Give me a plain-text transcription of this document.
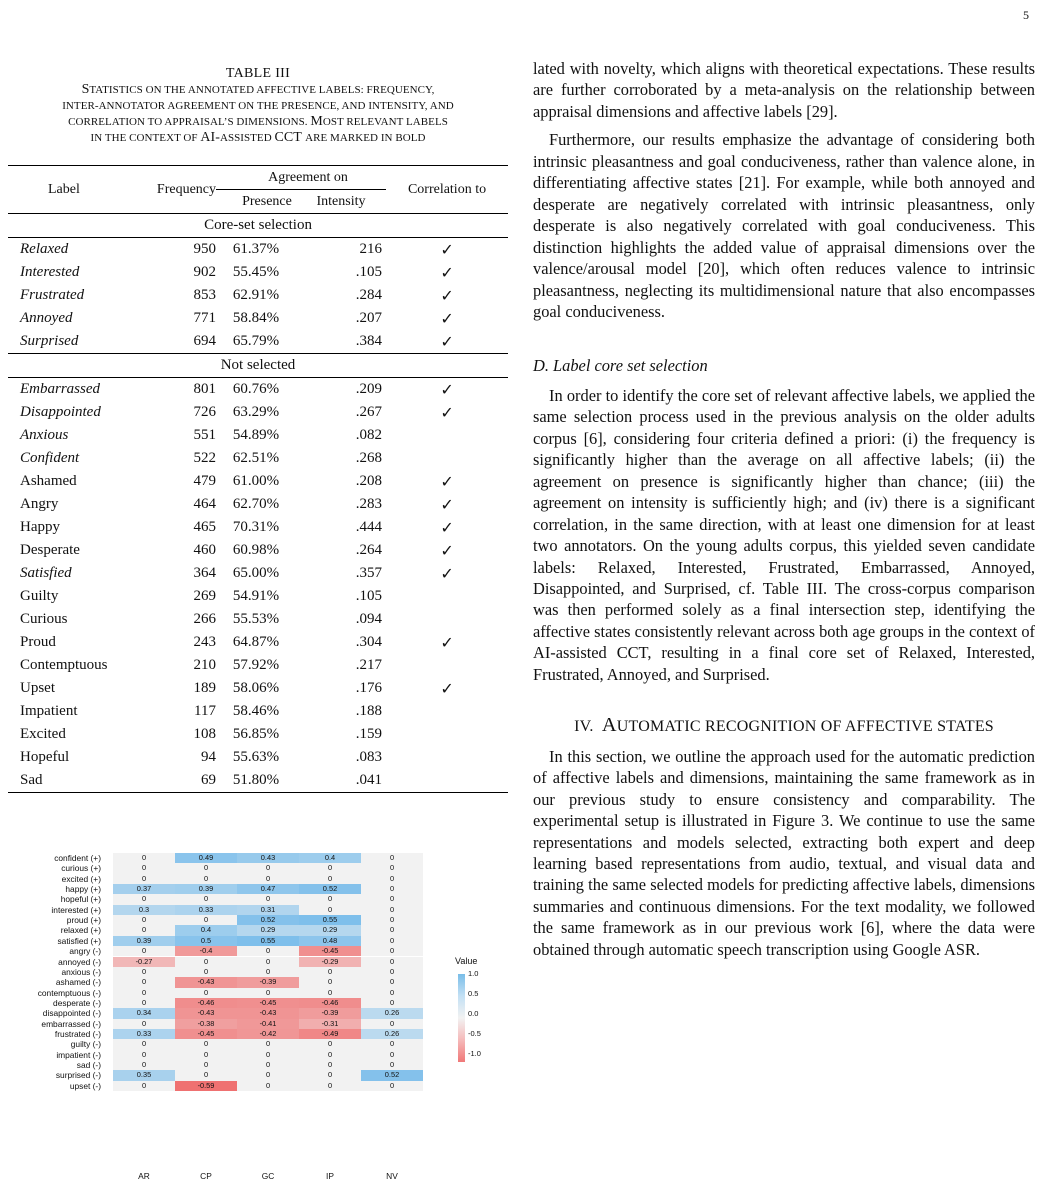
5
TABLE III
STATISTICS ON THE ANNOTATED AFFECTIVE LABELS: FREQUENCY,
INTER-ANNOTATOR AGREEMENT ON THE PRESENCE, AND INTENSITY, AND
CORRELATION TO APPRAISAL’S DIMENSIONS. MOST RELEVANT LABELS
IN THE CONTEXT OF AI-ASSISTED CCT ARE MARKED IN BOLD
Label	Frequency	Agreement on		Correlation to
		Presence	Intensity	
Core-set selection				
Relaxed	950	61.37%	216	✓
Interested	902	55.45%	.105	✓
Frustrated	853	62.91%	.284	✓
Annoyed	771	58.84%	.207	✓
Surprised	694	65.79%	.384	✓
Not selected				
Embarrassed	801	60.76%	.209	✓
Disappointed	726	63.29%	.267	✓
Anxious	551	54.89%	.082	
Confident	522	62.51%	.268	
Ashamed	479	61.00%	.208	✓
Angry	464	62.70%	.283	✓
Happy	465	70.31%	.444	✓
Desperate	460	60.98%	.264	✓
Satisfied	364	65.00%	.357	✓
Guilty	269	54.91%	.105	
Curious	266	55.53%	.094	
Proud	243	64.87%	.304	✓
Contemptuous	210	57.92%	.217	
Upset	189	58.06%	.176	✓
Impatient	117	58.46%	.188	
Excited	108	56.85%	.159	
Hopeful	94	55.63%	.083	
Sad	69	51.80%	.041	
Value
confident (+)	0	0.49	0.43	0.4	0
curious (+)	0	0	0	0	0
excited (+)	0	0	0	0	0
happy (+)	0.37	0.39	0.47	0.52	0
hopeful (+)	0	0	0	0	0
interested (+)	0.3	0.33	0.31	0	0
proud (+)	0	0	0.52	0.55	0
relaxed (+)	0	0.4	0.29	0.29	0
satisfied (+)	0.39	0.5	0.55	0.48	0
angry (-)	0	-0.4	0	-0.45	0
annoyed (-)	-0.27	0	0	-0.29	0
anxious (-)	0	0	0	0	0
ashamed (-)	0	-0.43	-0.39	0	0
contemptuous (-)	0	0	0	0	0
desperate (-)	0	-0.46	-0.45	-0.46	0
disappointed (-)	0.34	-0.43	-0.43	-0.39	0.26
embarrassed (-)	0	-0.38	-0.41	-0.31	0
frustrated (-)	0.33	-0.45	-0.42	-0.49	0.26
guilty (-)	0	0	0	0	0
impatient (-)	0	0	0	0	0
sad (-)	0	0	0	0	0
surprised (-)	0.35	0	0	0	0.52
upset (-)	0	-0.59	0	0	0
AR	CP	GC	IP	NV
1.0
0.5
0.0
-0.5
-1.0

lated with novelty, which aligns with theoretical expectations. These results are further corroborated by a meta-analysis on the relationship between appraisal dimensions and affective labels [29].

Furthermore, our results emphasize the advantage of considering both intrinsic pleasantness and goal conduciveness, rather than valence alone, in differentiating affective states [21]. For example, while both annoyed and desperate are negatively correlated with intrinsic pleasantness, only desperate is also negatively correlated with goal conduciveness. This distinction highlights the added value of appraisal dimensions over the valence/arousal model [20], which often reduces valence to intrinsic pleasantness, neglecting its multidimensional nature that also encompasses goal conduciveness.

D. Label core set selection

In order to identify the core set of relevant affective labels, we applied the same selection process used in the previous analysis on the older adults corpus [6], considering four criteria defined a priori: (i) the frequency is significantly higher than the average on all affective labels; (ii) the agreement on presence is significantly higher than chance; (iii) the agreement on intensity is sufficiently high; and (iv) there is a significant correlation, in the same direction, with at least one dimension for at least two annotators. On the young adults corpus, this yielded seven candidate labels: Relaxed, Interested, Frustrated, Embarrassed, Annoyed, Disappointed, and Surprised, cf. Table III. The cross-corpus comparison was then performed solely as a final intersection step, identifying the affective states consistently relevant across both age groups in the context of AI-assisted CCT, resulting in a final core set of Relaxed, Interested, Frustrated, Annoyed, and Surprised.

IV. AUTOMATIC RECOGNITION OF AFFECTIVE STATES

In this section, we outline the approach used for the automatic prediction of affective labels and dimensions, maintaining the same framework as in our previous study to ensure consistency and comparability. The experimental setup is illustrated in Figure 3. We continue to use the same representations and models selected, extracting both expert and deep learning based representations from audio, textual, and visual data and training the same selected models for predicting affective labels, dimensions summaries and continuous dimensions. For the text modality, we followed the same framework as in our previous work [6], where the data were obtained through automatic speech transcription using Google ASR.
